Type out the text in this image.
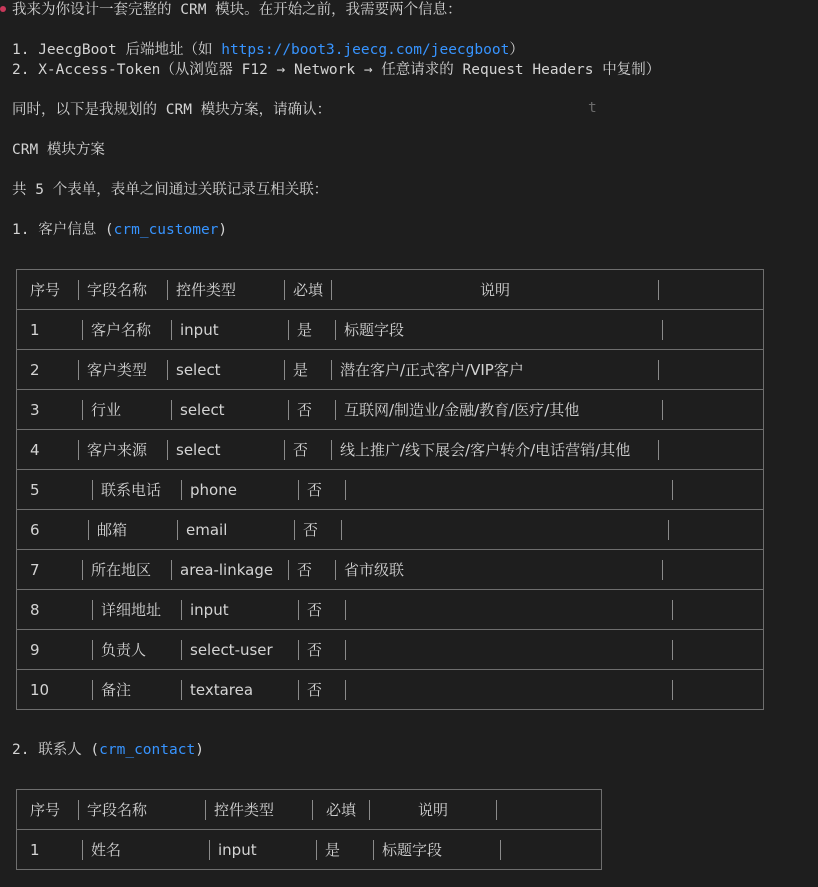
我来为你设计一套完整的 CRM 模块。在开始之前，我需要两个信息：
1. JeecgBoot 后端地址（如 https://boot3.jeecg.com/jeecgboot）
2. X-Access-Token（从浏览器 F12 → Network → 任意请求的 Request Headers 中复制）
同时，以下是我规划的 CRM 模块方案，请确认：	t
CRM 模块方案
共 5 个表单，表单之间通过关联记录互相关联：
1. 客户信息 (crm_customer)
序号	字段名称	控件类型	必填	说明

1	客户名称	input	是	标题字段

2	客户类型	select	是	潜在客户/正式客户/VIP客户

3	行业	select	否	互联网/制造业/金融/教育/医疗/其他

4	客户来源	select	否	线上推广/线下展会/客户转介/电话营销/其他

5	联系电话	phone	否

6	邮箱	email	否

7	所在地区	area-linkage	否	省市级联

8	详细地址	input	否

9	负责人	select-user	否

10	备注	textarea	否
2. 联系人 (crm_contact)
序号	字段名称	控件类型	必填	说明

1	姓名	input	是	标题字段
